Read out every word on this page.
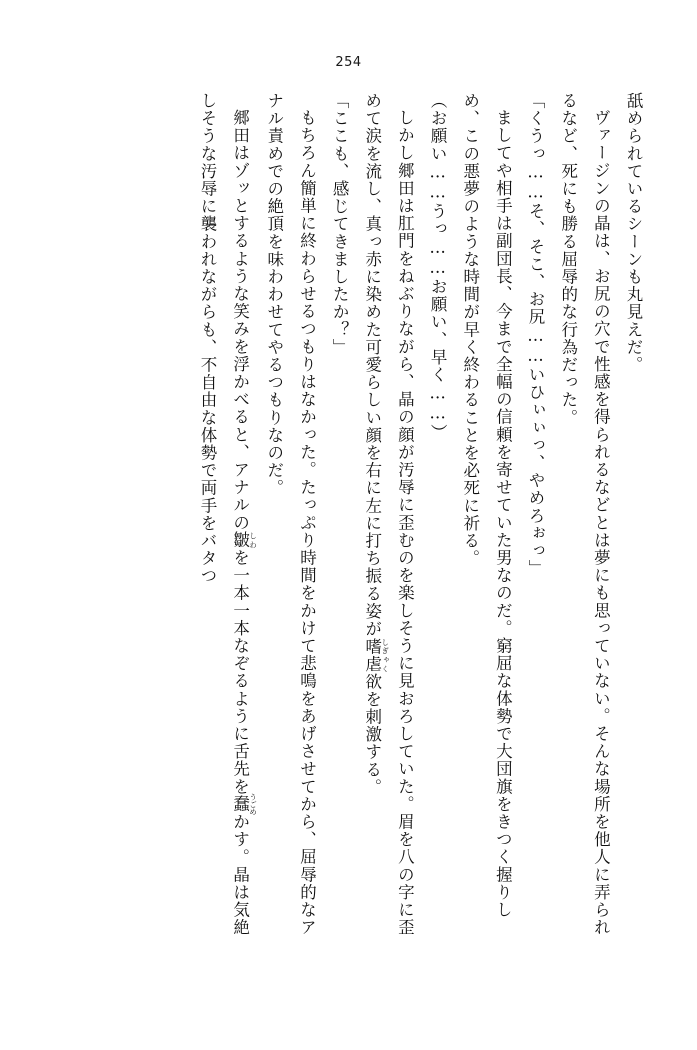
254

舐められているシーンも丸見えだ。

ヴァージンの晶は、お尻の穴で性感を得られるなどとは夢にも思っていない。そんな場所を他人に弄られるなど、死にも勝る屈辱的な行為だった。

「くうっ……そ、そこ、お尻……いひぃぃっ、やめろぉっ」

ましてや相手は副団長、今まで全幅の信頼を寄せていた男なのだ。窮屈な体勢で大団旗をきつく握りしめ、この悪夢のような時間が早く終わることを必死に祈る。

（お願い……うっ……お願い、早く……）

しかし郷田は肛門をねぶりながら、晶の顔が汚辱に歪むのを楽しそうに見おろしていた。眉を八の字に歪めて涙を流し、真っ赤に染めた可愛らしい顔を右に左に打ち振る姿が嗜虐 しぎゃく欲を刺激する。

「ここも、感じてきましたか？」

もちろん簡単に終わらせるつもりはなかった。たっぷり時間をかけて悲鳴をあげさせてから、屈辱的なアナル責めでの絶頂を味わわせてやるつもりなのだ。

郷田はゾッとするような笑みを浮かべると、アナルの皺 しわを一本一本なぞるように舌先を蠢 うごめかす。晶は気絶しそうな汚辱に襲われながらも、不自由な体勢で両手をバタつ
